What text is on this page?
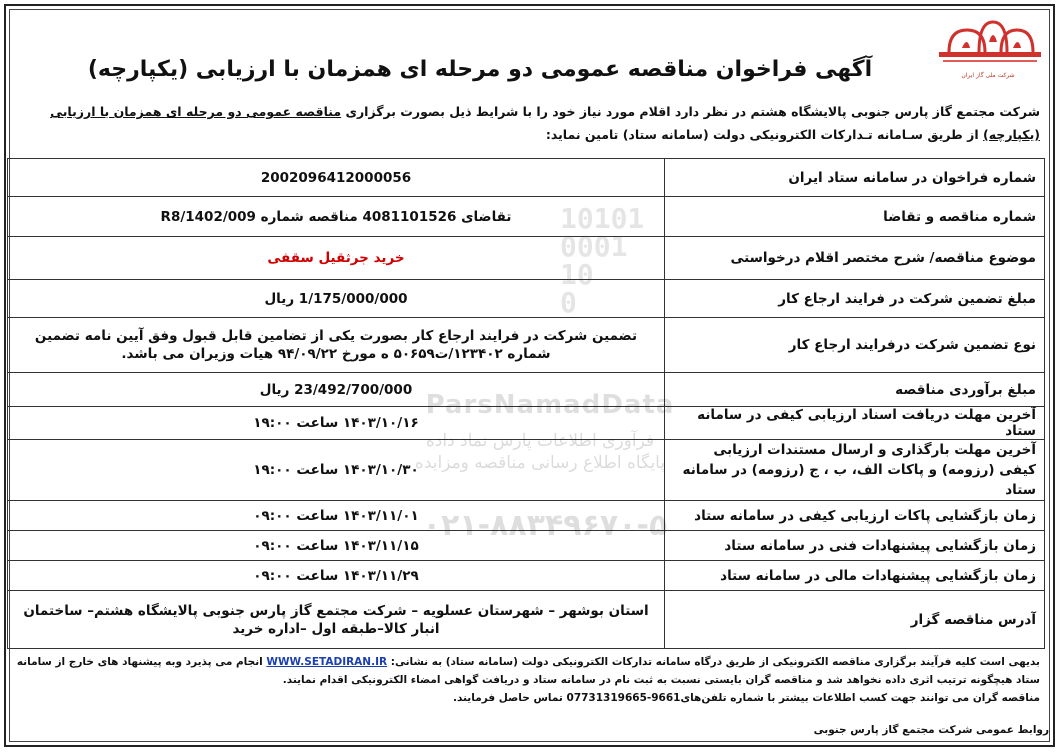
شرکت ملی گاز ایران
آگهی فراخوان مناقصه عمومی دو مرحله ای همزمان با ارزیابی (یکپارچه)
شرکت مجتمع گاز پارس جنوبی پالایشگاه هشتم در نظر دارد اقلام مورد نیاز خود را با شرایط ذیل بصورت برگزاری مناقصه عمومی دو مرحله ای همزمان با ارزیابی (یکپارچه) از طریق سـامانه تـدارکات الکترونیکی دولت (سامانه ستاد) تامین نماید:
شماره فراخوان در سامانه ستاد ایران	2002096412000056
شماره مناقصه و تقاضا	تقاضای 4081101526 مناقصه شماره R8/1402/009
موضوع مناقصه/ شرح مختصر اقلام درخواستی	خرید جرثقیل سقفی
مبلغ تضمین شرکت در فرایند ارجاع کار	1/175/000/000 ریال
نوع تضمین شرکت درفرایند ارجاع کار	تضمین شرکت در فرایند ارجاع کار بصورت یکی از تضامین قابل قبول وفق آیین نامه تضمین شماره ۱۲۳۴۰۲/ت۵۰۶۵۹ ه مورخ ۹۴/۰۹/۲۲ هیات وزیران می باشد.
مبلغ برآوردی مناقصه	23/492/700/000 ریال
آخرین مهلت دریافت اسناد ارزیابی کیفی در سامانه ستاد	۱۴۰۳/۱۰/۱۶ ساعت ۱۹:۰۰
آخرین مهلت بارگذاری و ارسال مستندات ارزیابی کیفی (رزومه) و پاکات الف، ب ، ج (رزومه) در سامانه ستاد	۱۴۰۳/۱۰/۳۰ ساعت ۱۹:۰۰
زمان بازگشایی پاکات ارزیابی کیفی در سامانه ستاد	۱۴۰۳/۱۱/۰۱ ساعت ۰۹:۰۰
زمان بازگشایی پیشنهادات فنی در سامانه ستاد	۱۴۰۳/۱۱/۱۵ ساعت ۰۹:۰۰
زمان بازگشایی پیشنهادات مالی در سامانه ستاد	۱۴۰۳/۱۱/۲۹ ساعت ۰۹:۰۰
آدرس مناقصه گزار	استان بوشهر – شهرستان عسلویه – شرکت مجتمع گاز پارس جنوبی پالایشگاه هشتم– ساختمان انبار کالا–طبقه اول –اداره خرید
بدیهی است کلیه فرآیند برگزاری مناقصه الکترونیکی از طریق درگاه سامانه تدارکات الکترونیکی دولت (سامانه ستاد) به نشانی: WWW.SETADIRAN.IR انجام می پذیرد وبه پیشنهاد های خارج از سامانه ستاد هیچگونه ترتیب اثری داده نخواهد شد و مناقصه گران بایستی نسبت به ثبت نام در سامانه ستاد و دریافت گواهی امضاء الکترونیکی اقدام نمایند.
مناقصه گران می توانند جهت کسب اطلاعات بیشتر با شماره تلفن‌های9661-07731319665 تماس حاصل فرمایند.
روابط عمومی شرکت مجتمع گاز پارس جنوبی
